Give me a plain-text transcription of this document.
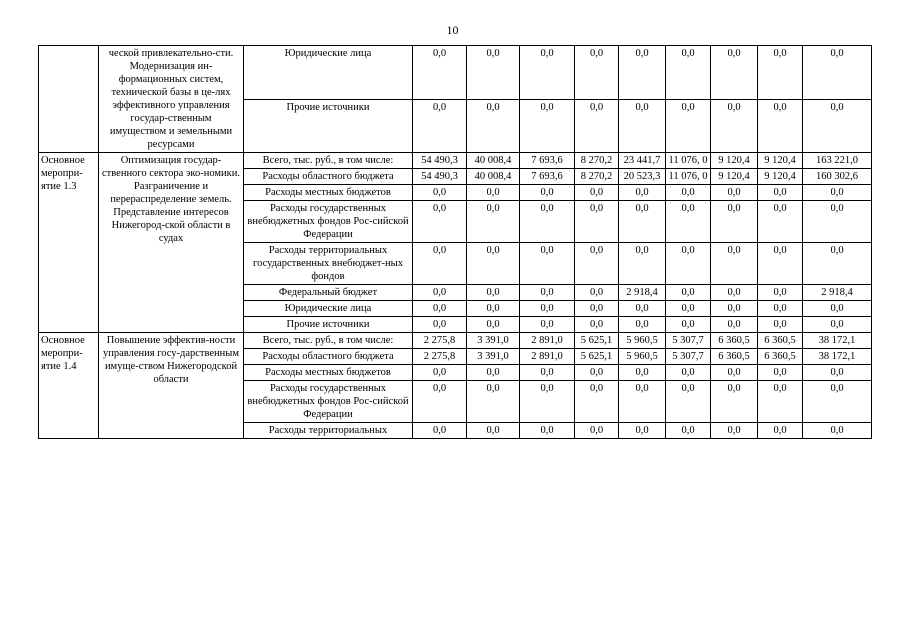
10
	ческой привлекательно-сти. Модернизация ин-формационных систем, технической базы в це-лях эффективного управления государ-ственным имуществом и земельными ресурсами	Юридические лица	0,0	0,0	0,0	0,0	0,0	0,0	0,0	0,0	0,0
		Прочие источники	0,0	0,0	0,0	0,0	0,0	0,0	0,0	0,0	0,0
Основное меропри-ятие 1.3	Оптимизация государ-ственного сектора эко-номики. Разграничение и перераспределение земель. Представление интересов Нижегород-ской области в судах	Всего, тыс. руб., в том числе:	54 490,3	40 008,4	7 693,6	8 270,2	23 441,7	11 076, 0	9 120,4	9 120,4	163 221,0
		Расходы областного бюджета	54 490,3	40 008,4	7 693,6	8 270,2	20 523,3	11 076, 0	9 120,4	9 120,4	160 302,6
		Расходы местных бюджетов	0,0	0,0	0,0	0,0	0,0	0,0	0,0	0,0	0,0
		Расходы государственных внебюджетных фондов Рос-сийской Федерации	0,0	0,0	0,0	0,0	0,0	0,0	0,0	0,0	0,0
		Расходы территориальных государственных внебюджет-ных фондов	0,0	0,0	0,0	0,0	0,0	0,0	0,0	0,0	0,0
		Федеральный бюджет	0,0	0,0	0,0	0,0	2 918,4	0,0	0,0	0,0	2 918,4
		Юридические лица	0,0	0,0	0,0	0,0	0,0	0,0	0,0	0,0	0,0
		Прочие источники	0,0	0,0	0,0	0,0	0,0	0,0	0,0	0,0	0,0
Основное меропри-ятие 1.4	Повышение эффектив-ности управления госу-дарственным имуще-ством Нижегородской области	Всего, тыс. руб., в том числе:	2 275,8	3 391,0	2 891,0	5 625,1	5 960,5	5 307,7	6 360,5	6 360,5	38 172,1
		Расходы областного бюджета	2 275,8	3 391,0	2 891,0	5 625,1	5 960,5	5 307,7	6 360,5	6 360,5	38 172,1
		Расходы местных бюджетов	0,0	0,0	0,0	0,0	0,0	0,0	0,0	0,0	0,0
		Расходы государственных внебюджетных фондов Рос-сийской Федерации	0,0	0,0	0,0	0,0	0,0	0,0	0,0	0,0	0,0
		Расходы территориальных	0,0	0,0	0,0	0,0	0,0	0,0	0,0	0,0	0,0
